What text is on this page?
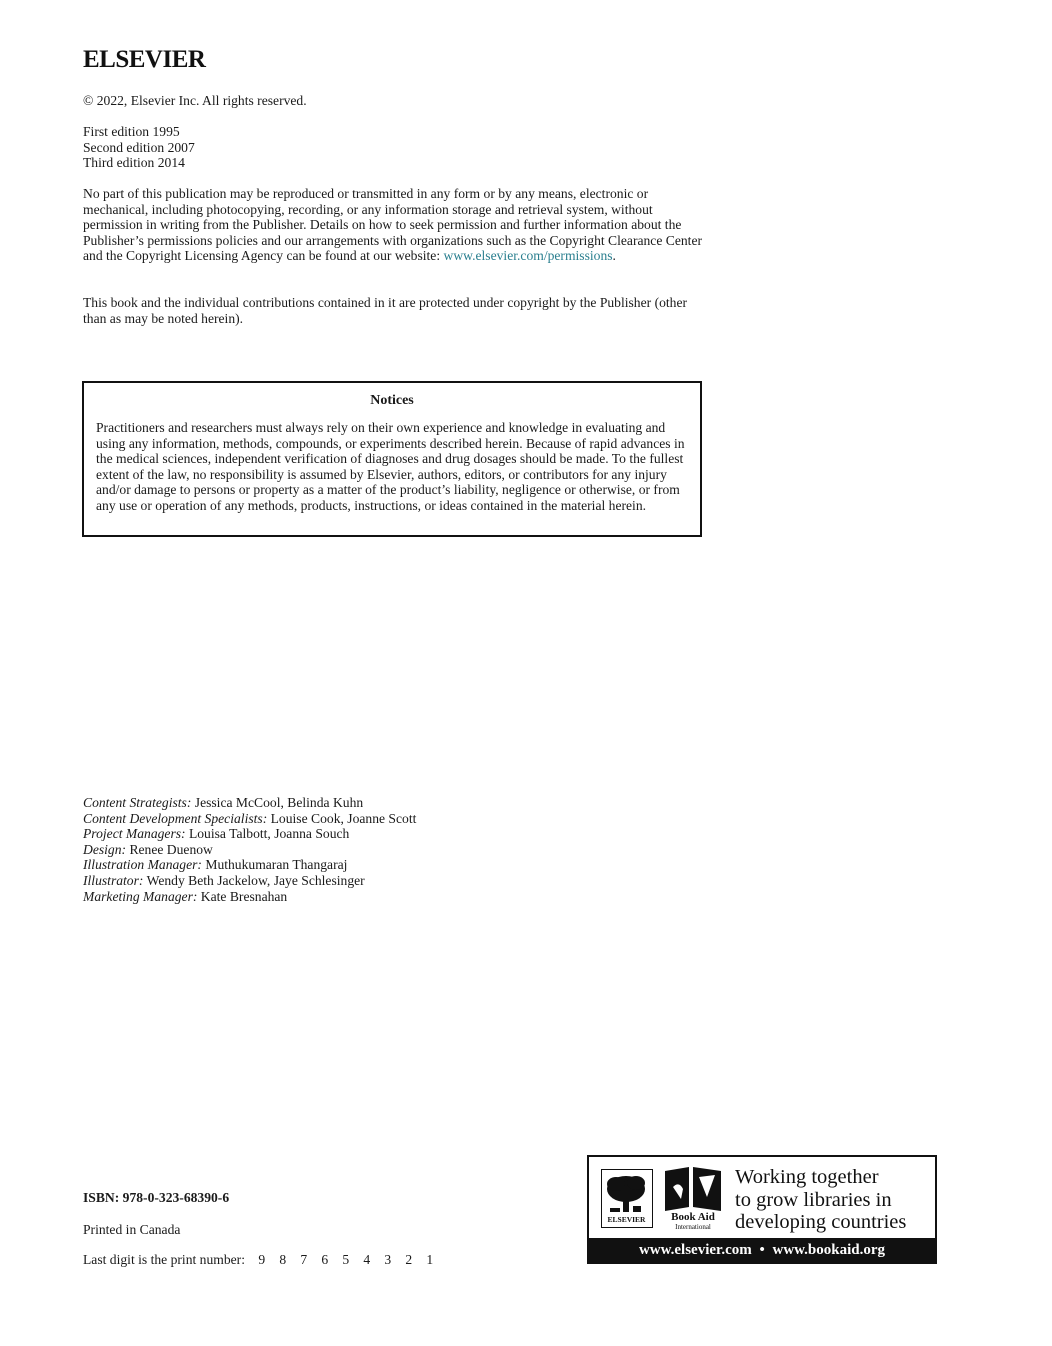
ELSEVIER
© 2022, Elsevier Inc. All rights reserved.
First edition 1995
Second edition 2007
Third edition 2014
No part of this publication may be reproduced or transmitted in any form or by any means, electronic or mechanical, including photocopying, recording, or any information storage and retrieval system, without permission in writing from the Publisher. Details on how to seek permission and further information about the Publisher’s permissions policies and our arrangements with organizations such as the Copyright Clearance Center and the Copyright Licensing Agency can be found at our website: www.elsevier.com/permissions.
This book and the individual contributions contained in it are protected under copyright by the Publisher (other than as may be noted herein).
Notices
Practitioners and researchers must always rely on their own experience and knowledge in evaluating and using any information, methods, compounds, or experiments described herein. Because of rapid advances in the medical sciences, independent verification of diagnoses and drug dosages should be made. To the fullest extent of the law, no responsibility is assumed by Elsevier, authors, editors, or contributors for any injury and/or damage to persons or property as a matter of the product’s liability, negligence or otherwise, or from any use or operation of any methods, products, instructions, or ideas contained in the material herein.
Content Strategists: Jessica McCool, Belinda Kuhn
Content Development Specialists: Louise Cook, Joanne Scott
Project Managers: Louisa Talbott, Joanna Souch
Design: Renee Duenow
Illustration Manager: Muthukumaran Thangaraj
Illustrator: Wendy Beth Jackelow, Jaye Schlesinger
Marketing Manager: Kate Bresnahan
ISBN: 978-0-323-68390-6
Printed in Canada
Last digit is the print number: 9 8 7 6 5 4 3 2 1
ELSEVIER Book Aid
International
Working together
to grow libraries in
developing countries
www.elsevier.com • www.bookaid.org
